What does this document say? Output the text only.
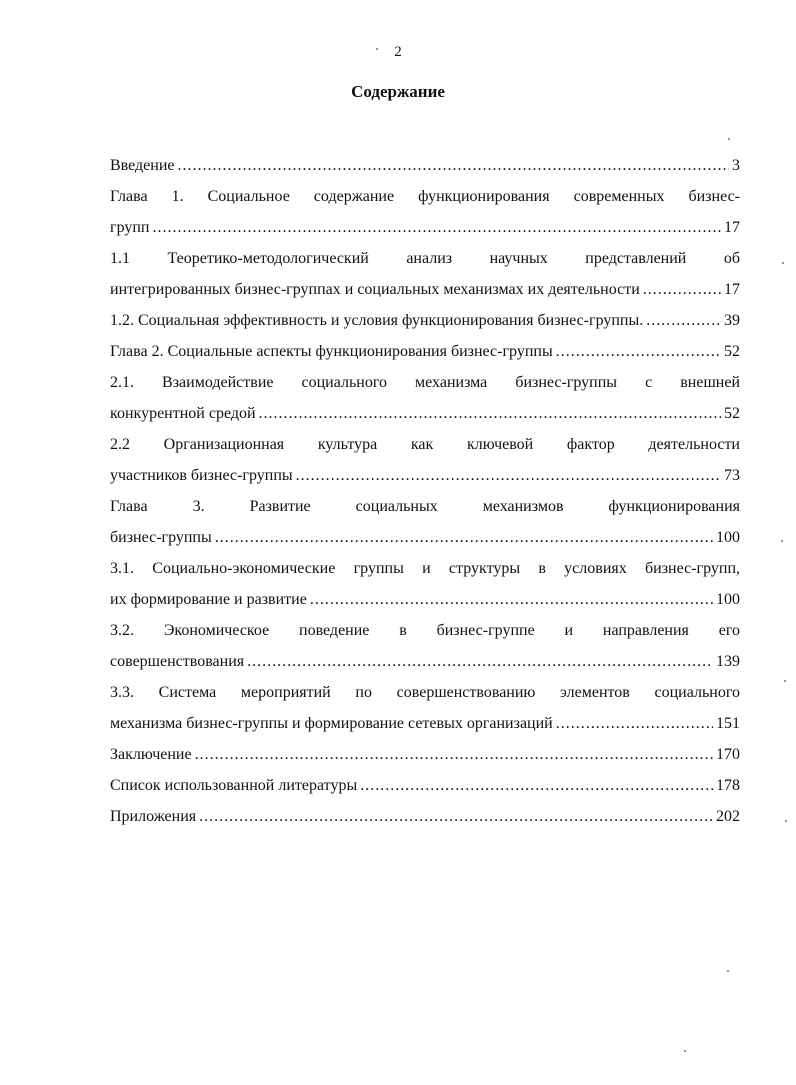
2
Содержание
Введение .....	3
Глава 1. Социальное содержание функционирования современных бизнес-
групп .....	17
1.1 Теоретико-методологический анализ научных представлений об
интегрированных бизнес-группах и социальных механизмах их деятельности .....	17
1.2. Социальная эффективность и условия функционирования бизнес-группы. .....	39
Глава 2. Социальные аспекты функционирования бизнес-группы .....	52
2.1. Взаимодействие социального механизма бизнес-группы с внешней
конкурентной средой .....	52
2.2 Организационная культура как ключевой фактор деятельности
участников бизнес-группы .....	73
Глава 3. Развитие социальных механизмов функционирования
бизнес-группы .....	100
3.1. Социально-экономические группы и структуры в условиях бизнес-групп,
их формирование и развитие .....	100
3.2. Экономическое поведение в бизнес-группе и направления его
совершенствования .....	139
3.3. Система мероприятий по совершенствованию элементов социального
механизма бизнес-группы и формирование сетевых организаций .....	151
Заключение .....	170
Список использованной литературы .....	178
Приложения .....	202
